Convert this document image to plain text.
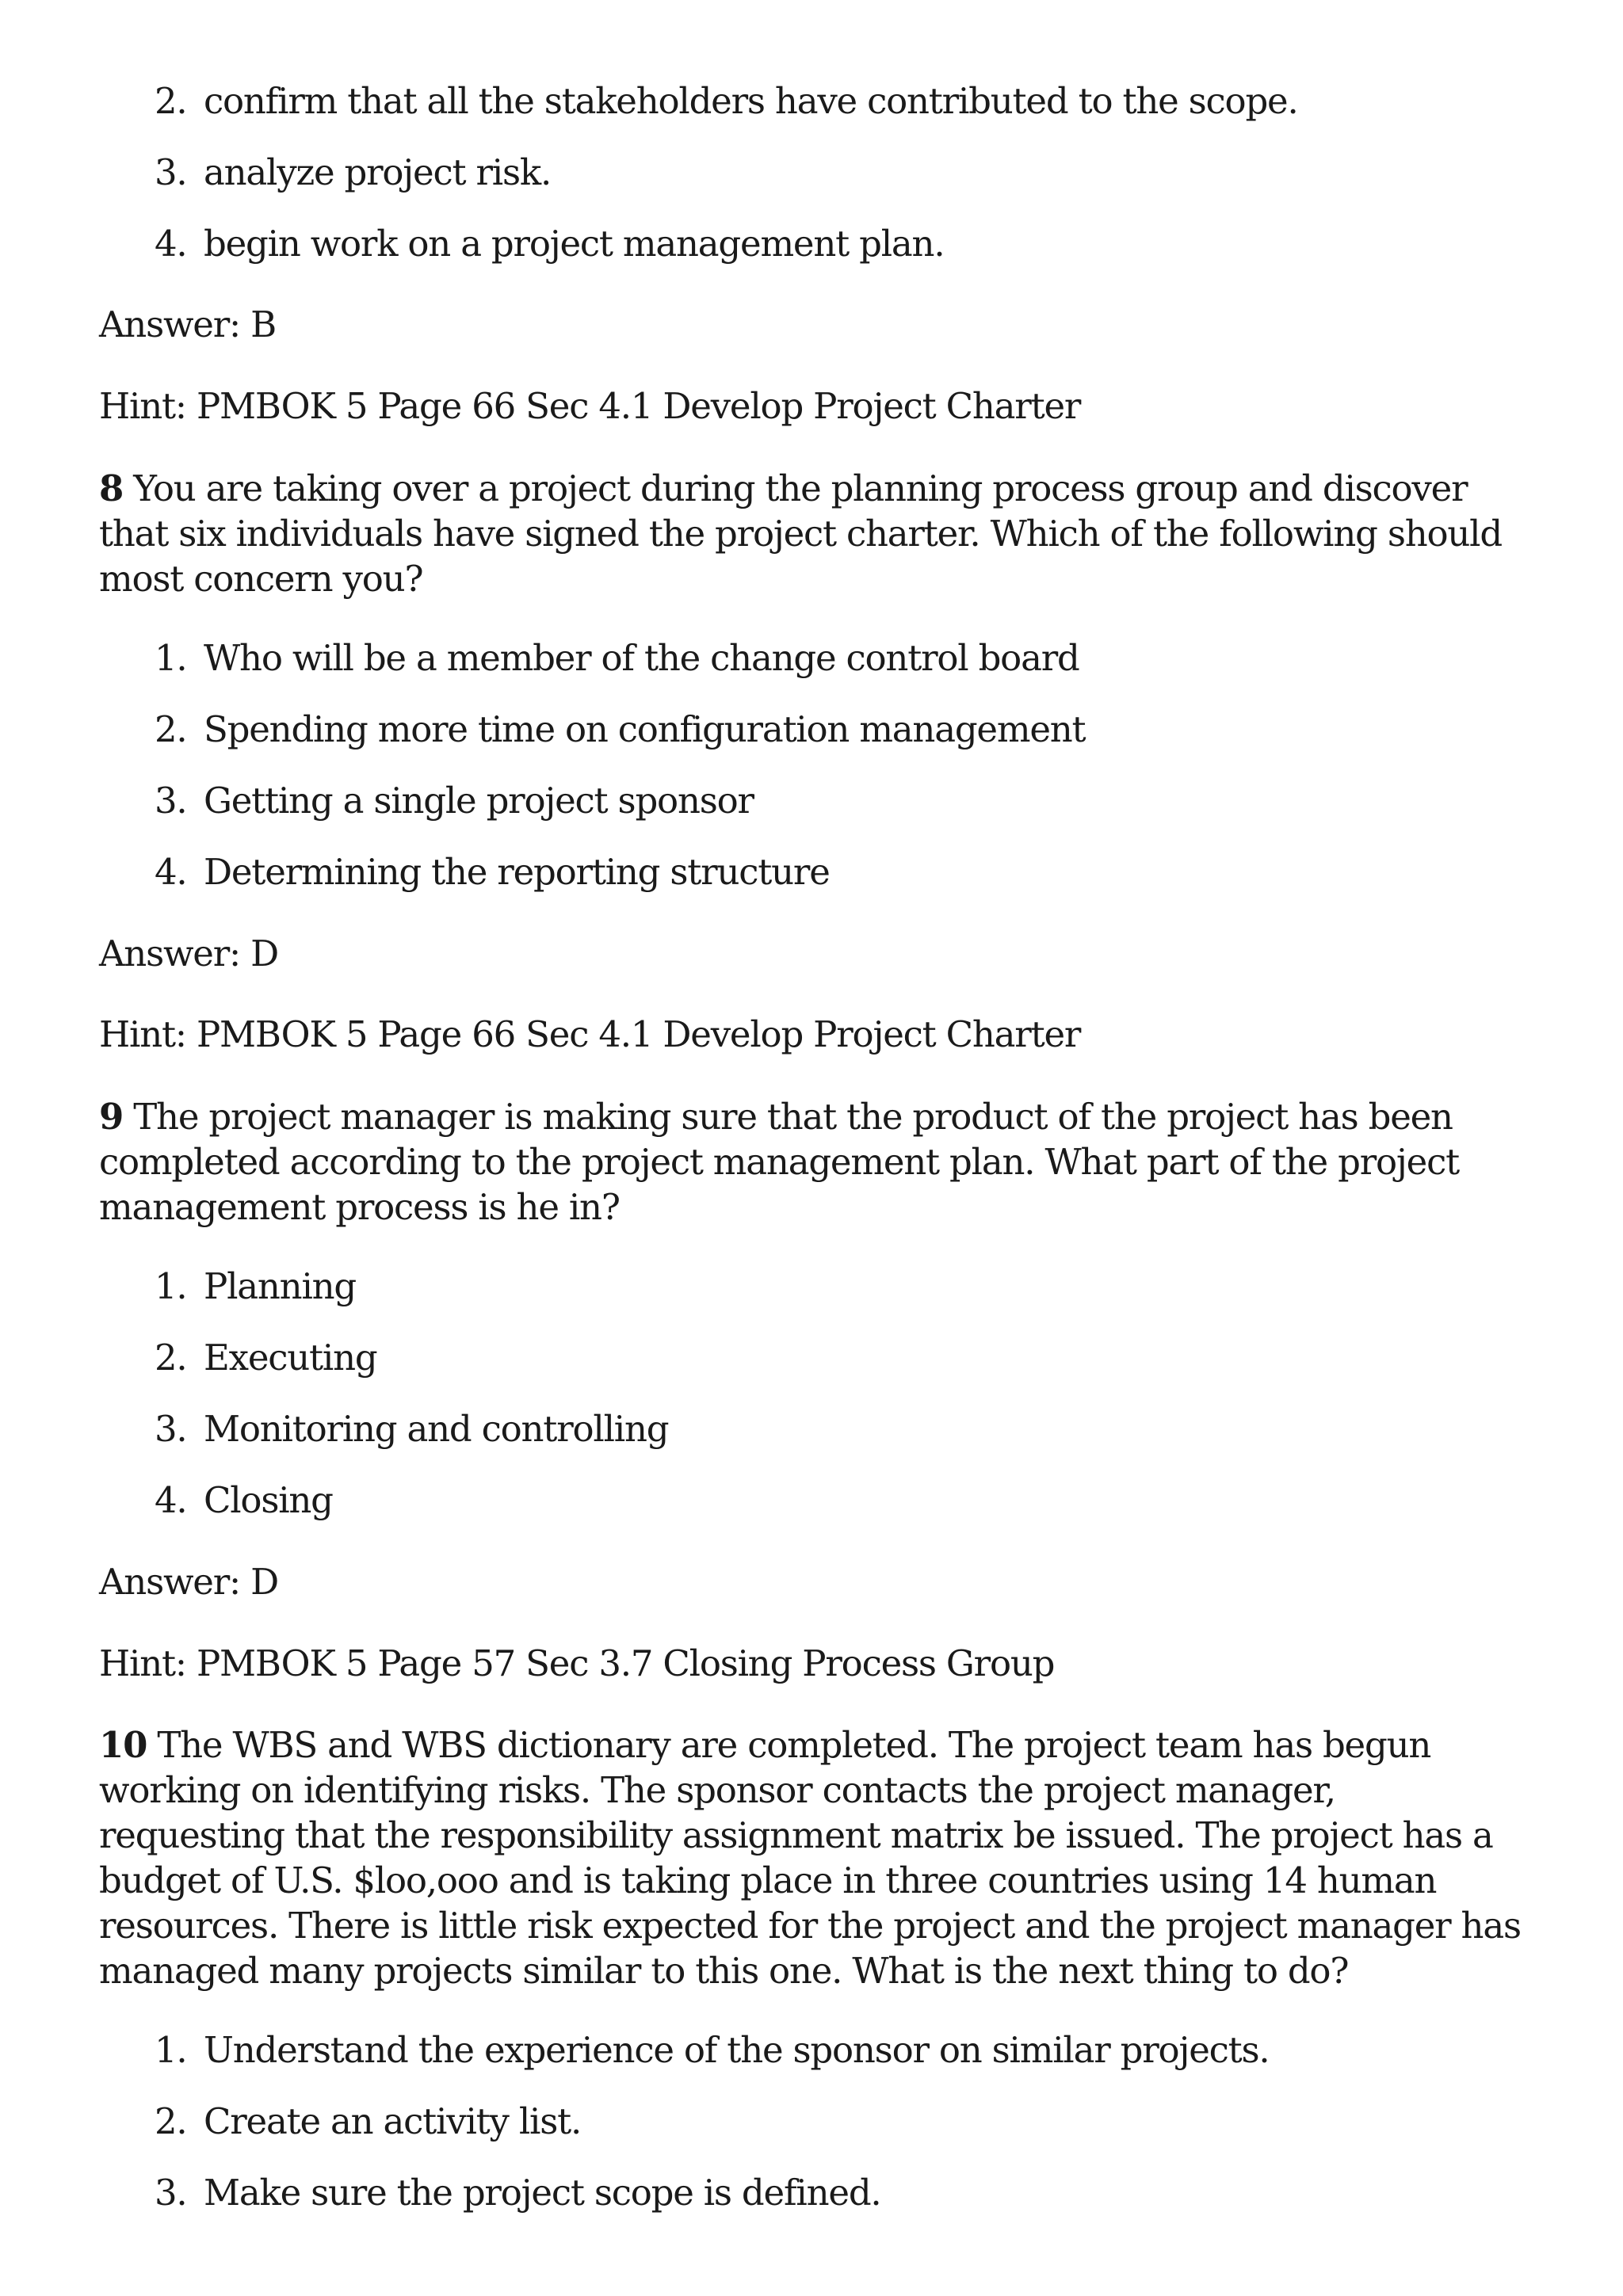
2. confirm that all the stakeholders have contributed to the scope.
3. analyze project risk.
4. begin work on a project management plan.
Answer: B
Hint: PMBOK 5 Page 66 Sec 4.1 Develop Project Charter
8 You are taking over a project during the planning process group and discover that six individuals have signed the project charter. Which of the following should most concern you?
1. Who will be a member of the change control board
2. Spending more time on configuration management
3. Getting a single project sponsor
4. Determining the reporting structure
Answer: D
Hint: PMBOK 5 Page 66 Sec 4.1 Develop Project Charter
9 The project manager is making sure that the product of the project has been completed according to the project management plan. What part of the project management process is he in?
1. Planning
2. Executing
3. Monitoring and controlling
4. Closing
Answer: D
Hint: PMBOK 5 Page 57 Sec 3.7 Closing Process Group
10 The WBS and WBS dictionary are completed. The project team has begun working on identifying risks. The sponsor contacts the project manager, requesting that the responsibility assignment matrix be issued. The project has a budget of U.S. $loo,ooo and is taking place in three countries using 14 human resources. There is little risk expected for the project and the project manager has managed many projects similar to this one. What is the next thing to do?
1. Understand the experience of the sponsor on similar projects.
2. Create an activity list.
3. Make sure the project scope is defined.
